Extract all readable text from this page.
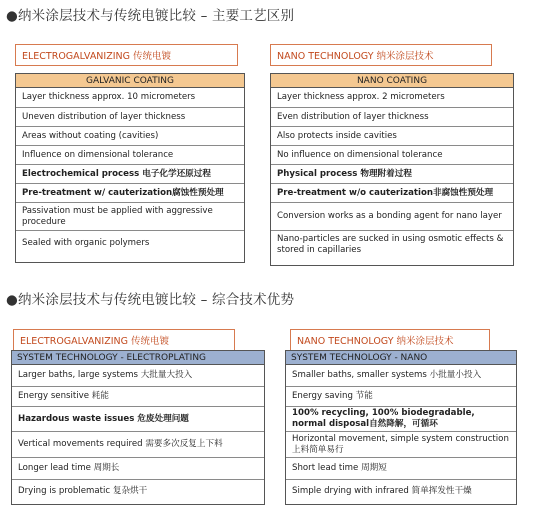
●纳米涂层技术与传统电镀比较 – 主要工艺区别
ELECTROGALVANIZING 传统电镀	NANO TECHNOLOGY 纳米涂层技术
GALVANIC COATING
Layer thickness approx. 10 micrometers
Uneven distribution of layer thickness
Areas without coating (cavities)
Influence on dimensional tolerance
Electrochemical process 电子化学还原过程
Pre-treatment w/ cauterization腐蚀性预处理
Passivation must be applied with aggressive procedure
Sealed with organic polymers
NANO COATING
Layer thickness approx. 2 micrometers
Even distribution of layer thickness
Also protects inside cavities
No influence on dimensional tolerance
Physical process 物理附着过程
Pre-treatment w/o cauterization非腐蚀性预处理
Conversion works as a bonding agent for nano layer
Nano-particles are sucked in using osmotic effects & stored in capillaries
●纳米涂层技术与传统电镀比较 – 综合技术优势
ELECTROGALVANIZING 传统电镀	NANO TECHNOLOGY 纳米涂层技术
SYSTEM TECHNOLOGY - ELECTROPLATING
Larger baths, large systems 大批量大投入
Energy sensitive 耗能
Hazardous waste issues 危废处理问题
Vertical movements required 需要多次反复上下料
Longer lead time 周期长
Drying is problematic 复杂烘干
SYSTEM TECHNOLOGY - NANO
Smaller baths, smaller systems 小批量小投入
Energy saving 节能
100% recycling, 100% biodegradable, normal disposal自然降解，可循环
Horizontal movement, simple system construction 上料简单易行
Short lead time 周期短
Simple drying with infrared 简单挥发性干燥
